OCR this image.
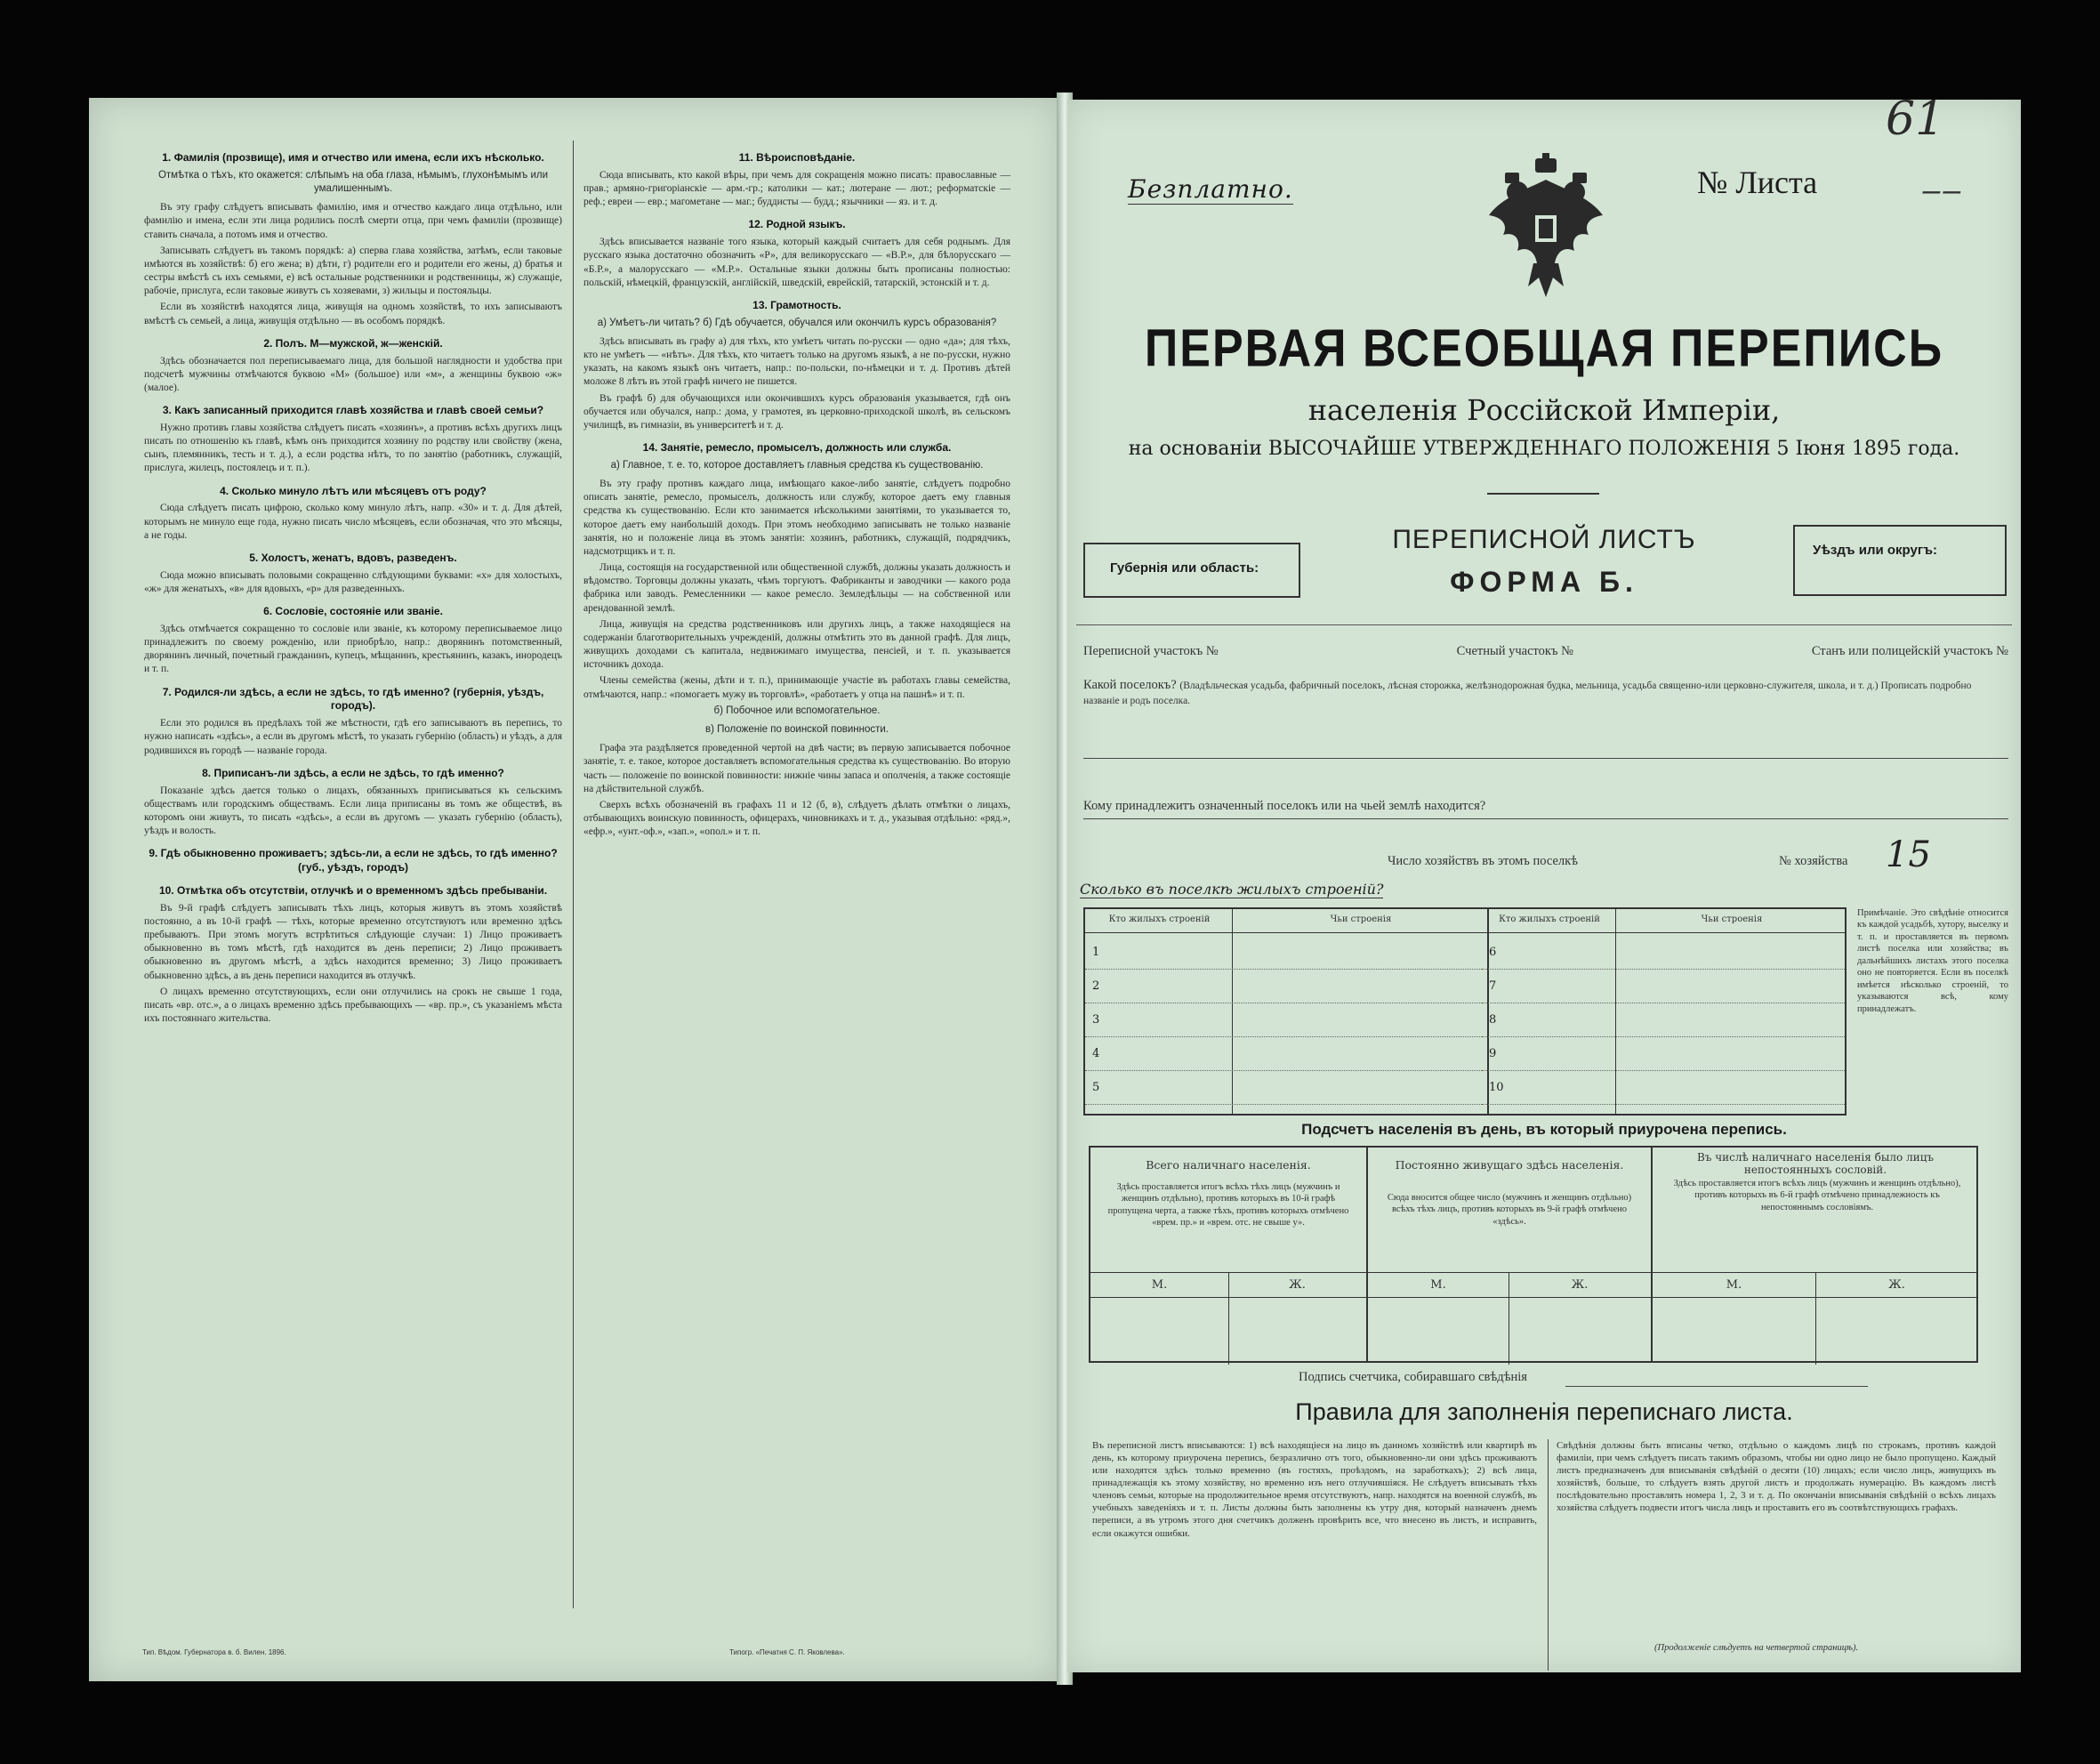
1. Фамилія (прозвище), имя и отчество или имена, если ихъ нѣсколько.
Отмѣтка о тѣхъ, кто окажется: слѣпымъ на оба глаза, нѣмымъ, глухонѣмымъ или умалишеннымъ.
Въ эту графу слѣдуетъ вписывать фамилію, имя и отчество каждаго лица отдѣльно, или фамилію и имена, если эти лица родились послѣ смерти отца, при чемъ фамиліи (прозвище) ставить сначала, а потомъ имя и отчество.
Записывать слѣдуетъ въ такомъ порядкѣ: а) сперва глава хозяйства, затѣмъ, если таковые имѣются въ хозяйствѣ: б) его жена; в) дѣти, г) родители его и родители его жены, д) братья и сестры вмѣстѣ съ ихъ семьями, е) всѣ остальные родственники и родственницы, ж) служащіе, рабочіе, прислуга, если таковые живутъ съ хозяевами, з) жильцы и постояльцы.
Если въ хозяйствѣ находятся лица, живущія на одномъ хозяйствѣ, то ихъ записываютъ вмѣстѣ съ семьей, а лица, живущія отдѣльно — въ особомъ порядкѣ.
2. Полъ. М—мужской, ж—женскій.
Здѣсь обозначается пол переписываемаго лица, для большой наглядности и удобства при подсчетѣ мужчины отмѣчаются буквою «М» (большое) или «м», а женщины буквою «ж» (малое).
3. Какъ записанный приходится главѣ хозяйства и главѣ своей семьи?
Нужно противъ главы хозяйства слѣдуетъ писать «хозяинъ», а противъ всѣхъ другихъ лицъ писать по отношенію къ главѣ, кѣмъ онъ приходится хозяину по родству или свойству (жена, сынъ, племянникъ, тесть и т. д.), а если родства нѣтъ, то по занятію (работникъ, служащій, прислуга, жилецъ, постоялецъ и т. п.).
4. Сколько минуло лѣтъ или мѣсяцевъ отъ роду?
Сюда слѣдуетъ писать цифрою, сколько кому минуло лѣтъ, напр. «30» и т. д. Для дѣтей, которымъ не минуло еще года, нужно писать число мѣсяцевъ, если обозначая, что это мѣсяцы, а не годы.
5. Холостъ, женатъ, вдовъ, разведенъ.
Сюда можно вписывать половыми сокращенно слѣдующими буквами: «х» для холостыхъ, «ж» для женатыхъ, «в» для вдовыхъ, «р» для разведенныхъ.
6. Сословіе, состояніе или званіе.
Здѣсь отмѣчается сокращенно то сословіе или званіе, къ которому переписываемое лицо принадлежитъ по своему рожденію, или приобрѣло, напр.: дворянинъ потомственный, дворянинъ личный, почетный гражданинъ, купецъ, мѣщанинъ, крестьянинъ, казакъ, инородецъ и т. п.
7. Родился-ли здѣсь, а если не здѣсь, то гдѣ именно? (губернія, уѣздъ, городъ).
Если это родился въ предѣлахъ той же мѣстности, гдѣ его записываютъ въ перепись, то нужно написать «здѣсь», а если въ другомъ мѣстѣ, то указать губернію (область) и уѣздъ, а для родившихся въ городѣ — названіе города.
8. Приписанъ-ли здѣсь, а если не здѣсь, то гдѣ именно?
Показаніе здѣсь дается только о лицахъ, обязанныхъ приписываться къ сельскимъ обществамъ или городскимъ обществамъ. Если лица приписаны въ томъ же обществѣ, въ которомъ они живутъ, то писать «здѣсь», а если въ другомъ — указать губернію (область), уѣздъ и волость.
9. Гдѣ обыкновенно проживаетъ; здѣсь-ли, а если не здѣсь, то гдѣ именно? (губ., уѣздъ, городъ)
10. Отмѣтка объ отсутствіи, отлучкѣ и о временномъ здѣсь пребываніи.
Въ 9-й графѣ слѣдуетъ записывать тѣхъ лицъ, которыя живутъ въ этомъ хозяйствѣ постоянно, а въ 10-й графѣ — тѣхъ, которые временно отсутствуютъ или временно здѣсь пребываютъ. При этомъ могутъ встрѣтиться слѣдующіе случаи: 1) Лицо проживаетъ обыкновенно въ томъ мѣстѣ, гдѣ находится въ день переписи; 2) Лицо проживаетъ обыкновенно въ другомъ мѣстѣ, а здѣсь находится временно; 3) Лицо проживаетъ обыкновенно здѣсь, а въ день переписи находится въ отлучкѣ.
О лицахъ временно отсутствующихъ, если они отлучились на срокъ не свыше 1 года, писать «вр. отс.», а о лицахъ временно здѣсь пребывающихъ — «вр. пр.», съ указаніемъ мѣста ихъ постояннаго жительства.
11. Вѣроисповѣданіе.
Сюда вписывать, кто какой вѣры, при чемъ для сокращенія можно писать: православные — прав.; армяно-григоріанскіе — арм.-гр.; католики — кат.; лютеране — лют.; реформатскіе — реф.; евреи — евр.; магометане — маг.; буддисты — будд.; язычники — яз. и т. д.
12. Родной языкъ.
Здѣсь вписывается названіе того языка, который каждый считаетъ для себя роднымъ. Для русскаго языка достаточно обозначить «Р», для великорусскаго — «В.Р.», для бѣлорусскаго — «Б.Р.», а малорусскаго — «М.Р.». Остальные языки должны быть прописаны полностью: польскій, нѣмецкій, французскій, англійскій, шведскій, еврейскій, татарскій, эстонскій и т. д.
13. Грамотность.
а) Умѣетъ-ли читать? б) Гдѣ обучается, обучался или окончилъ курсъ образованія?
Здѣсь вписывать въ графу а) для тѣхъ, кто умѣетъ читать по-русски — одно «да»; для тѣхъ, кто не умѣетъ — «нѣтъ». Для тѣхъ, кто читаетъ только на другомъ языкѣ, а не по-русски, нужно указать, на какомъ языкѣ онъ читаетъ, напр.: по-польски, по-нѣмецки и т. д. Противъ дѣтей моложе 8 лѣтъ въ этой графѣ ничего не пишется.
Въ графѣ б) для обучающихся или окончившихъ курсъ образованія указывается, гдѣ онъ обучается или обучался, напр.: дома, у грамотея, въ церковно-приходской школѣ, въ сельскомъ училищѣ, въ гимназіи, въ университетѣ и т. д.
14. Занятіе, ремесло, промыселъ, должность или служба.
а) Главное, т. е. то, которое доставляетъ главныя средства къ существованію.
Въ эту графу противъ каждаго лица, имѣющаго какое-либо занятіе, слѣдуетъ подробно описать занятіе, ремесло, промыселъ, должность или службу, которое даетъ ему главныя средства къ существованію. Если кто занимается нѣсколькими занятіями, то указывается то, которое даетъ ему наибольшій доходъ. При этомъ необходимо записывать не только названіе занятія, но и положеніе лица въ этомъ занятіи: хозяинъ, работникъ, служащій, подрядчикъ, надсмотрщикъ и т. п.
Лица, состоящія на государственной или общественной службѣ, должны указать должность и вѣдомство. Торговцы должны указать, чѣмъ торгуютъ. Фабриканты и заводчики — какого рода фабрика или заводъ. Ремесленники — какое ремесло. Земледѣльцы — на собственной или арендованной землѣ.
Лица, живущія на средства родственниковъ или другихъ лицъ, а также находящіеся на содержаніи благотворительныхъ учрежденій, должны отмѣтить это въ данной графѣ. Для лицъ, живущихъ доходами съ капитала, недвижимаго имущества, пенсіей, и т. п. указывается источникъ дохода.
Члены семейства (жены, дѣти и т. п.), принимающіе участіе въ работахъ главы семейства, отмѣчаются, напр.: «помогаетъ мужу въ торговлѣ», «работаетъ у отца на пашнѣ» и т. п.
б) Побочное или вспомогательное.
в) Положеніе по воинской повинности.
Графа эта раздѣляется проведенной чертой на двѣ части; въ первую записывается побочное занятіе, т. е. такое, которое доставляетъ вспомогательныя средства къ существованію. Во вторую часть — положеніе по воинской повинности: нижніе чины запаса и ополченія, а также состоящіе на дѣйствительной службѣ.
Сверхъ всѣхъ обозначеній въ графахъ 11 и 12 (б, в), слѣдуетъ дѣлать отмѣтки о лицахъ, отбывающихъ воинскую повинность, офицерахъ, чиновникахъ и т. д., указывая отдѣльно: «ряд.», «ефр.», «унт.-оф.», «зап.», «опол.» и т. п.
Тип. Вѣдом. Губернатора в. б. Вилен. 1896.	Типогр. «Печатня С. П. Яковлева».
61
Безплатно.	№ Листа	‒‒
ПЕРВАЯ ВСЕОБЩАЯ ПЕРЕПИСЬ
населенія Россійской Имперіи,
на основаніи ВЫСОЧАЙШЕ УТВЕРЖДЕННАГО ПОЛОЖЕНІЯ 5 Іюня 1895 года.
Губернія или область:
ПЕРЕПИСНОЙ ЛИСТЪ
ФОРМА Б.
Уѣздъ или округъ:
Переписной участокъ №	Счетный участокъ №	Станъ или полицейскій участокъ №
Какой поселокъ? (Владѣльческая усадьба, фабричный поселокъ, лѣсная сторожка, желѣзнодорожная будка, мельница, усадьба священно-или церковно-служителя, школа, и т. д.) Прописать подробно названіе и родъ поселка.
Кому принадлежитъ означенный поселокъ или на чьей землѣ находится?
Число хозяйствъ въ этомъ поселкѣ	№ хозяйства 15
Сколько въ поселкѣ жилыхъ строеній?
Кто жилыхъ строеній	Чьи строенія
1
2
3
4
5
Кто жилыхъ строеній	Чьи строенія
6
7
8
9
10
Примѣчаніе. Это свѣдѣніе относится къ каждой усадьбѣ, хутору, выселку и т. п. и проставляется въ первомъ листѣ поселка или хозяйства; въ дальнѣйшихъ листахъ этого поселка оно не повторяется. Если въ поселкѣ имѣется нѣсколько строеній, то указываются всѣ, кому принадлежатъ.
Подсчетъ населенія въ день, въ который приурочена перепись.
Всего наличнаго населенія.
Здѣсь проставляется итогъ всѣхъ тѣхъ лицъ (мужчинъ и женщинъ отдѣльно), противъ которыхъ въ 10-й графѣ пропущена черта, а также тѣхъ, противъ которыхъ отмѣчено «врем. пр.» и «врем. отс. не свыше у».
Постоянно живущаго здѣсь населенія.
Сюда вносится общее число (мужчинъ и женщинъ отдѣльно) всѣхъ тѣхъ лицъ, противъ которыхъ въ 9-й графѣ отмѣчено «здѣсь».
Въ числѣ наличнаго населенія было лицъ непостоянныхъ сословій.
Здѣсь проставляется итогъ всѣхъ лицъ (мужчинъ и женщинъ отдѣльно), противъ которыхъ въ 6-й графѣ отмѣчено принадлежность къ непостояннымъ сословіямъ.
М.	Ж.	М.	Ж.	М.	Ж.
Подпись счетчика, собиравшаго свѣдѣнія
Правила для заполненія переписнаго листа.
Въ переписной листъ вписываются: 1) всѣ находящіеся на лицо въ данномъ хозяйствѣ или квартирѣ въ день, къ которому приурочена перепись, безразлично отъ того, обыкновенно-ли они здѣсь проживаютъ или находятся здѣсь только временно (въ гостяхъ, проѣздомъ, на заработкахъ); 2) всѣ лица, принадлежащія къ этому хозяйству, но временно изъ него отлучившіяся. Не слѣдуетъ вписывать тѣхъ членовъ семьи, которые на продолжительное время отсутствуютъ, напр. находятся на военной службѣ, въ учебныхъ заведеніяхъ и т. п. Листы должны быть заполнены къ утру дня, который назначенъ днемъ переписи, а въ утромъ этого дня счетчикъ долженъ провѣрить все, что внесено въ листъ, и исправить, если окажутся ошибки.
Свѣдѣнія должны быть вписаны четко, отдѣльно о каждомъ лицѣ по строкамъ, противъ каждой фамиліи, при чемъ слѣдуетъ писать такимъ образомъ, чтобы ни одно лицо не было пропущено. Каждый листъ предназначенъ для вписыванія свѣдѣній о десяти (10) лицахъ; если число лицъ, живущихъ въ хозяйствѣ, больше, то слѣдуетъ взять другой листъ и продолжать нумерацію. Въ каждомъ листѣ послѣдовательно проставлять номера 1, 2, 3 и т. д. По окончаніи вписыванія свѣдѣній о всѣхъ лицахъ хозяйства слѣдуетъ подвести итогъ числа лицъ и проставить его въ соотвѣтствующихъ графахъ.
(Продолженіе слѣдуетъ на четвертой страницѣ).
